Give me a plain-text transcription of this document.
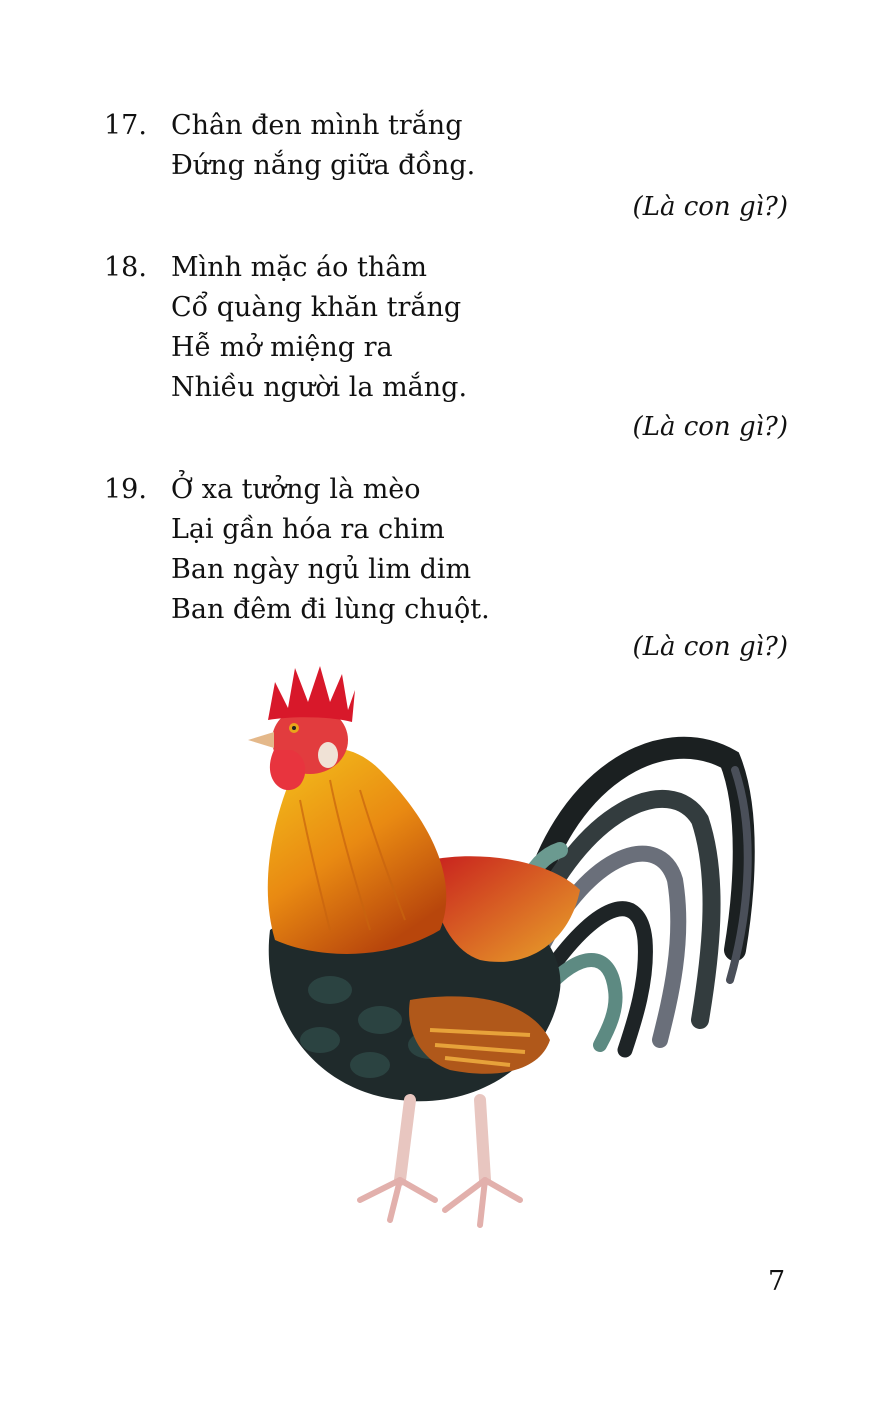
17. Chân đen mình trắng
Đứng nắng giữa đồng.
(Là con gì?)
18. Mình mặc áo thâm
Cổ quàng khăn trắng
Hễ mở miệng ra
Nhiều người la mắng.
(Là con gì?)
19. Ở xa tưởng là mèo
Lại gần hóa ra chim
Ban ngày ngủ lim dim
Ban đêm đi lùng chuột.
(Là con gì?)
7
